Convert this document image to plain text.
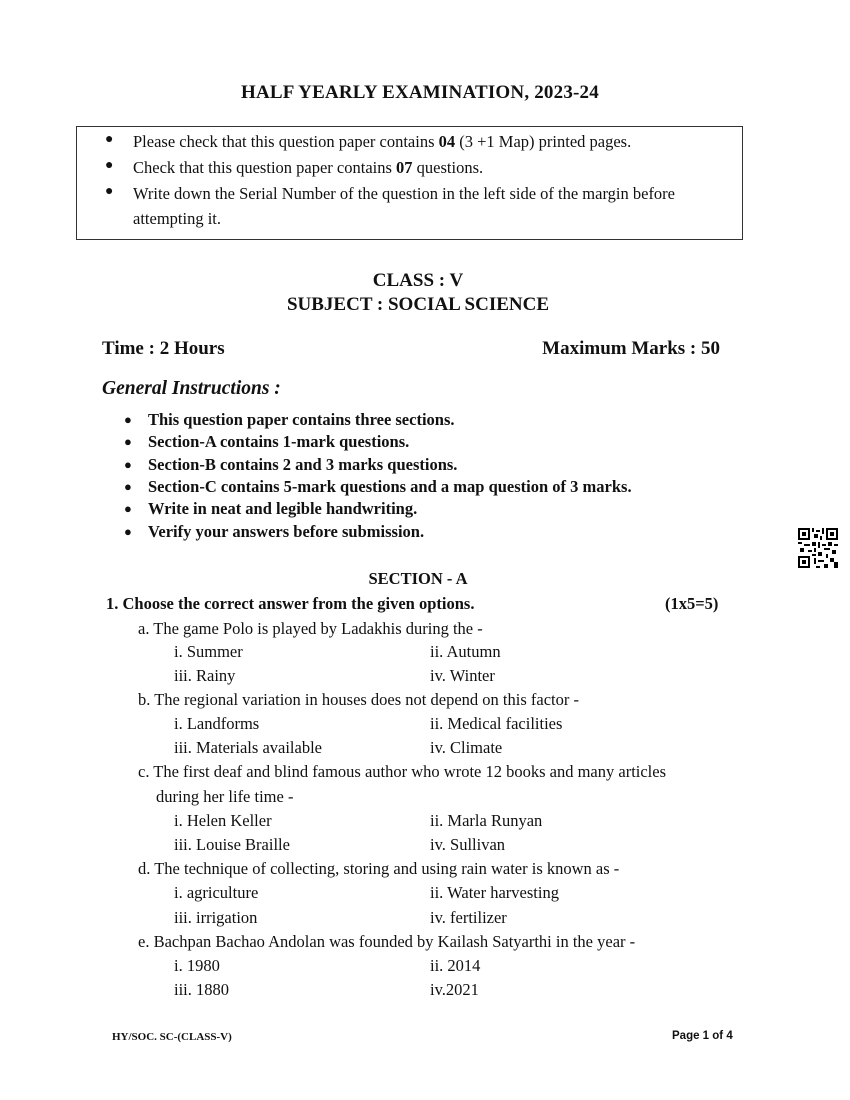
HALF YEARLY EXAMINATION, 2023-24
● Please check that this question paper contains 04 (3 +1 Map) printed pages.
● Check that this question paper contains 07 questions.
● Write down the Serial Number of the question in the left side of the margin before
attempting it.
CLASS : V
SUBJECT : SOCIAL SCIENCE
Time : 2 Hours	Maximum Marks : 50
General Instructions :
● This question paper contains three sections.
● Section-A contains 1-mark questions.
● Section-B contains 2 and 3 marks questions.
● Section-C contains 5-mark questions and a map question of 3 marks.
● Write in neat and legible handwriting.
● Verify your answers before submission.
SECTION - A
1. Choose the correct answer from the given options.	(1x5=5)
a. The game Polo is played by Ladakhis during the -
i. Summer	ii. Autumn
iii. Rainy	iv. Winter
b. The regional variation in houses does not depend on this factor -
i. Landforms	ii. Medical facilities
iii. Materials available	iv. Climate
c. The first deaf and blind famous author who wrote 12 books and many articles
during her life time -
i. Helen Keller	ii. Marla Runyan
iii. Louise Braille	iv. Sullivan
d. The technique of collecting, storing and using rain water is known as -
i. agriculture	ii. Water harvesting
iii. irrigation	iv. fertilizer
e. Bachpan Bachao Andolan was founded by Kailash Satyarthi in the year -
i. 1980	ii. 2014
iii. 1880	iv.2021
HY/SOC. SC-(CLASS-V)	Page 1 of 4
